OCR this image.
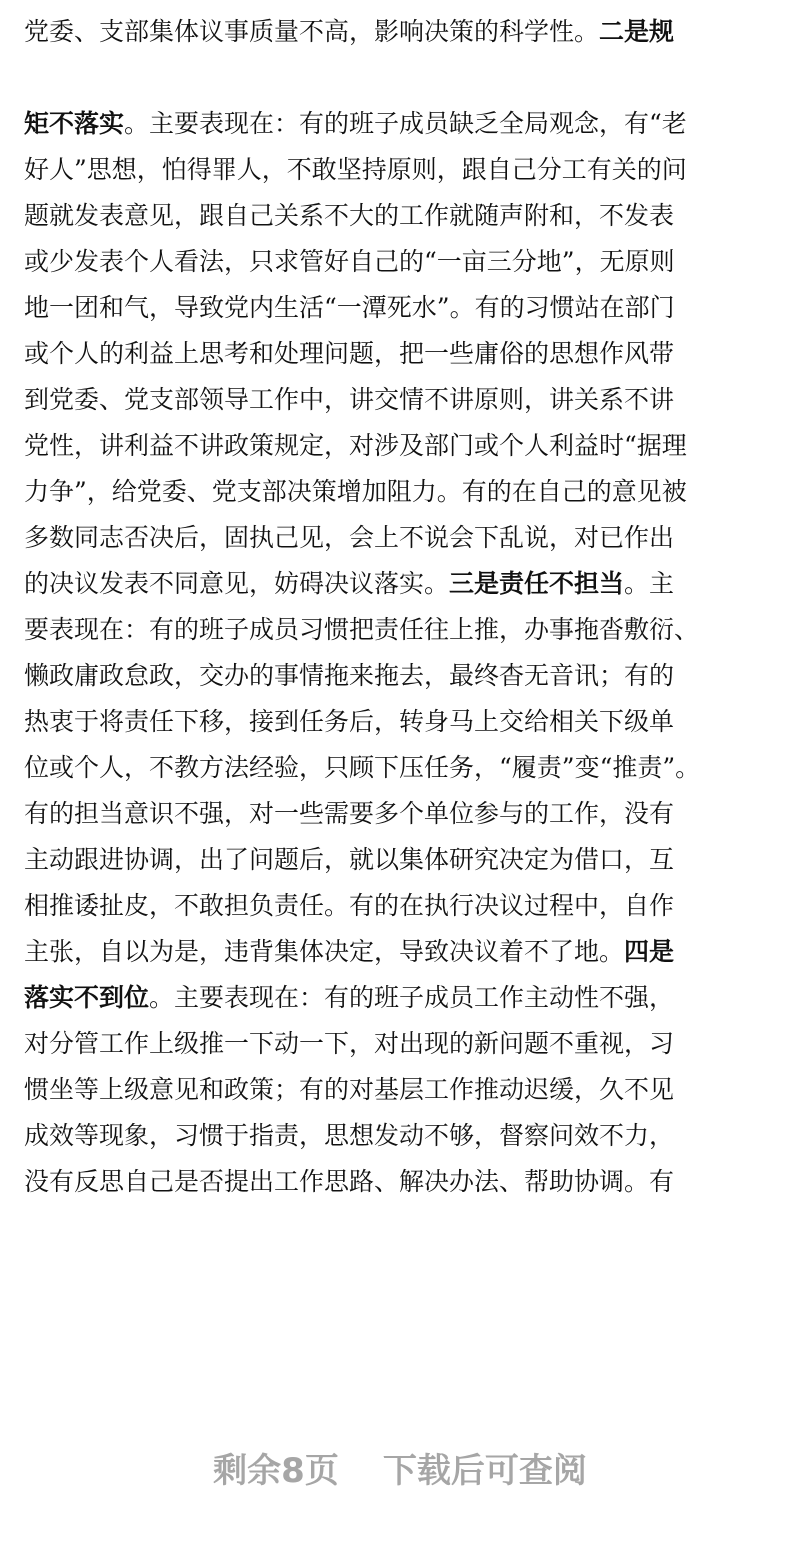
党委、支部集体议事质量不高，影响决策的科学性。二是规
矩不落实。主要表现在：有的班子成员缺乏全局观念，有“老
好人”思想，怕得罪人，不敢坚持原则，跟自己分工有关的问
题就发表意见，跟自己关系不大的工作就随声附和，不发表
或少发表个人看法，只求管好自己的“一亩三分地”，无原则
地一团和气，导致党内生活“一潭死水”。有的习惯站在部门
或个人的利益上思考和处理问题，把一些庸俗的思想作风带
到党委、党支部领导工作中，讲交情不讲原则，讲关系不讲
党性，讲利益不讲政策规定，对涉及部门或个人利益时“据理
力争”，给党委、党支部决策增加阻力。有的在自己的意见被
多数同志否决后，固执己见，会上不说会下乱说，对已作出
的决议发表不同意见，妨碍决议落实。三是责任不担当。主
要表现在：有的班子成员习惯把责任往上推，办事拖沓敷衍、
懒政庸政怠政，交办的事情拖来拖去，最终杳无音讯；有的
热衷于将责任下移，接到任务后，转身马上交给相关下级单
位或个人，不教方法经验，只顾下压任务，“履责”变“推责”。
有的担当意识不强，对一些需要多个单位参与的工作，没有
主动跟进协调，出了问题后，就以集体研究决定为借口，互
相推诿扯皮，不敢担负责任。有的在执行决议过程中，自作
主张，自以为是，违背集体决定，导致决议着不了地。四是
落实不到位。主要表现在：有的班子成员工作主动性不强，
对分管工作上级推一下动一下，对出现的新问题不重视，习
惯坐等上级意见和政策；有的对基层工作推动迟缓，久不见
成效等现象，习惯于指责，思想发动不够，督察问效不力，
没有反思自己是否提出工作思路、解决办法、帮助协调。有
剩余8页 下载后可查阅
